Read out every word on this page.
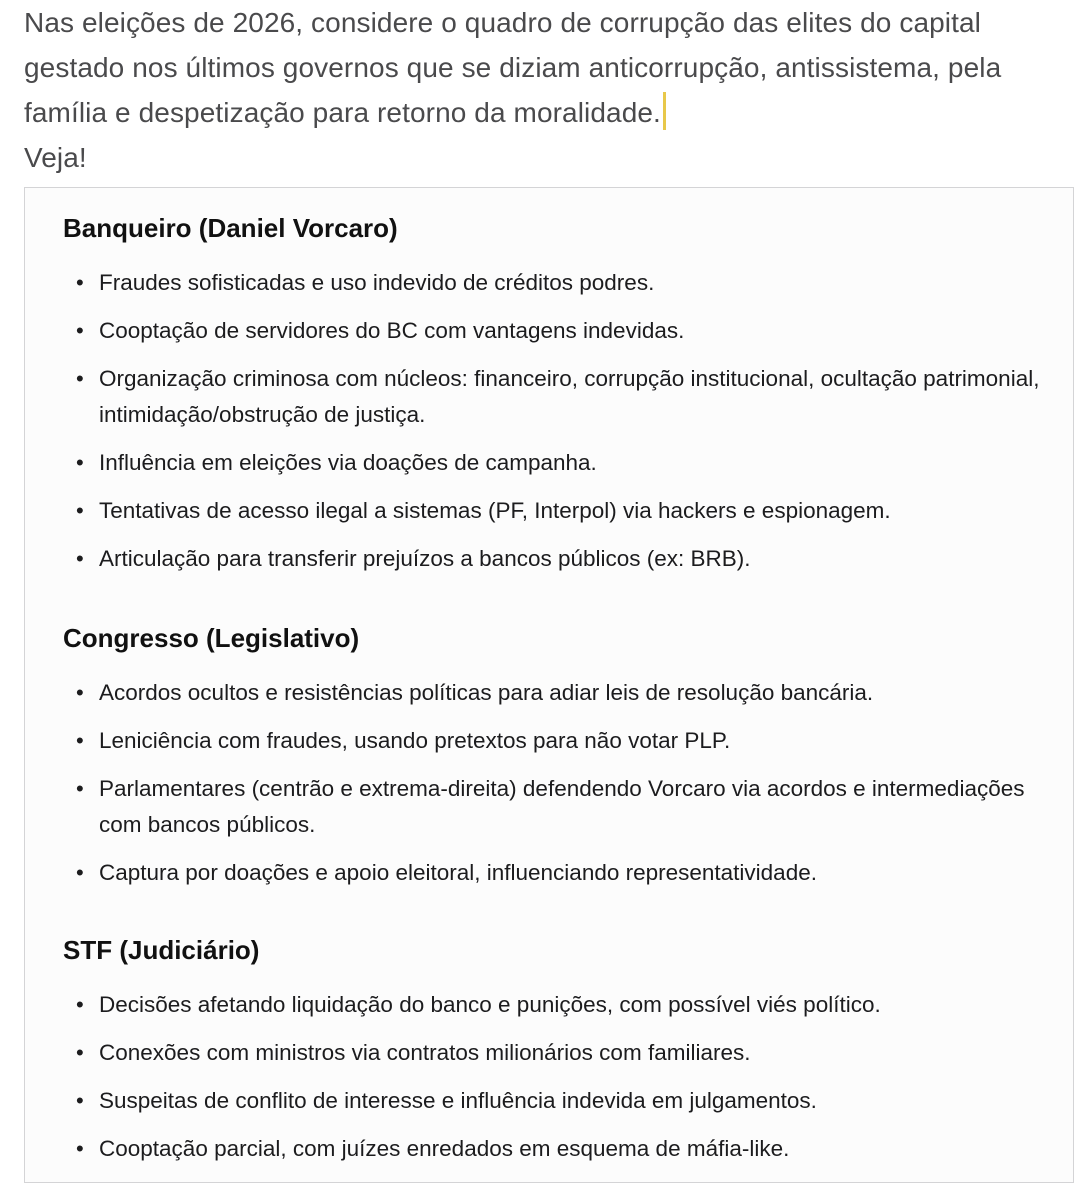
Nas eleições de 2026, considere o quadro de corrupção das elites do capital gestado nos últimos governos que se diziam anticorrupção, antissistema, pela família e despetização para retorno da moralidade.

Veja!

Banqueiro (Daniel Vorcaro)
• Fraudes sofisticadas e uso indevido de créditos podres.
• Cooptação de servidores do BC com vantagens indevidas.
• Organização criminosa com núcleos: financeiro, corrupção institucional, ocultação patrimonial, intimidação/obstrução de justiça.
• Influência em eleições via doações de campanha.
• Tentativas de acesso ilegal a sistemas (PF, Interpol) via hackers e espionagem.
• Articulação para transferir prejuízos a bancos públicos (ex: BRB).
Congresso (Legislativo)
• Acordos ocultos e resistências políticas para adiar leis de resolução bancária.
• Leniciência com fraudes, usando pretextos para não votar PLP.
• Parlamentares (centrão e extrema-direita) defendendo Vorcaro via acordos e intermediações com bancos públicos.
• Captura por doações e apoio eleitoral, influenciando representatividade.
STF (Judiciário)
• Decisões afetando liquidação do banco e punições, com possível viés político.
• Conexões com ministros via contratos milionários com familiares.
• Suspeitas de conflito de interesse e influência indevida em julgamentos.
• Cooptação parcial, com juízes enredados em esquema de máfia-like.
